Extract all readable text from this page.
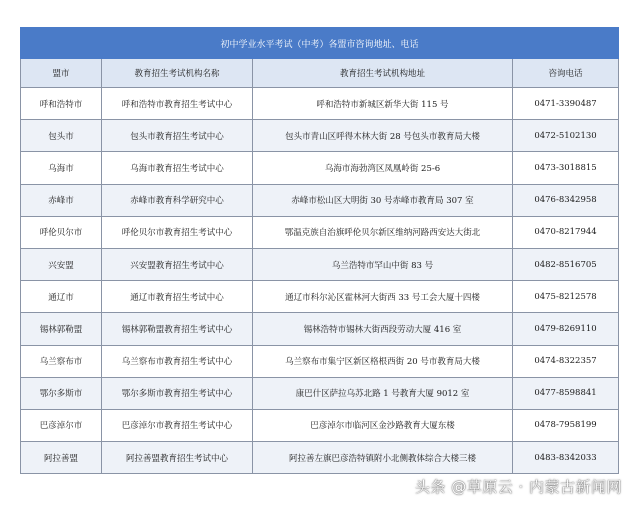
初中学业水平考试（中考）各盟市咨询地址、电话			
盟市	教育招生考试机构名称	教育招生考试机构地址	咨询电话
呼和浩特市	呼和浩特市教育招生考试中心	呼和浩特市新城区新华大街 115 号	0471-3390487
包头市	包头市教育招生考试中心	包头市青山区呼得木林大街 28 号包头市教育局大楼	0472-5102130
乌海市	乌海市教育招生考试中心	乌海市海勃湾区凤凰岭街 25-6	0473-3018815
赤峰市	赤峰市教育科学研究中心	赤峰市松山区大明街 30 号赤峰市教育局 307 室	0476-8342958
呼伦贝尔市	呼伦贝尔市教育招生考试中心	鄂温克族自治旗呼伦贝尔新区维纳河路西安达大街北	0470-8217944
兴安盟	兴安盟教育招生考试中心	乌兰浩特市罕山中街 83 号	0482-8516705
通辽市	通辽市教育招生考试中心	通辽市科尔沁区霍林河大街西 33 号工会大厦十四楼	0475-8212578
锡林郭勒盟	锡林郭勒盟教育招生考试中心	锡林浩特市锡林大街西段劳动大厦 416 室	0479-8269110
乌兰察布市	乌兰察布市教育招生考试中心	乌兰察布市集宁区新区格根西街 20 号市教育局大楼	0474-8322357
鄂尔多斯市	鄂尔多斯市教育招生考试中心	康巴什区萨拉乌苏北路 1 号教育大厦 9012 室	0477-8598841
巴彦淖尔市	巴彦淖尔市教育招生考试中心	巴彦淖尔市临河区金沙路教育大厦东楼	0478-7958199
阿拉善盟	阿拉善盟教育招生考试中心	阿拉善左旗巴彦浩特镇附小北侧教体综合大楼三楼	0483-8342033
头条 @草原云 · 内蒙古新闻网
